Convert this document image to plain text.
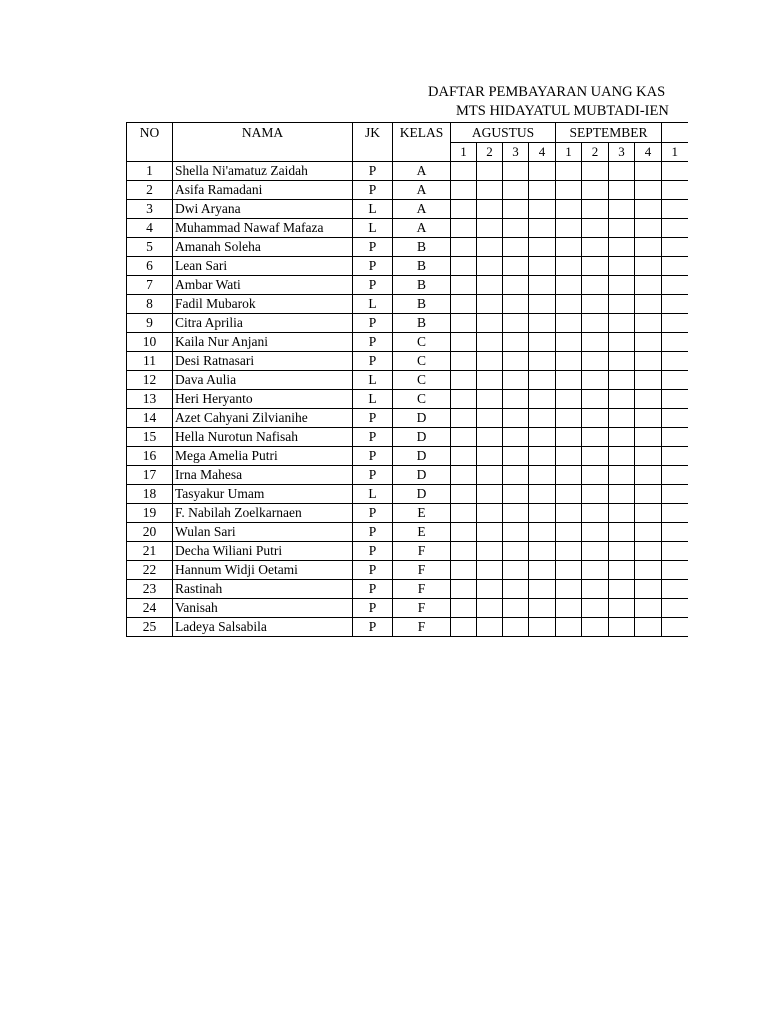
DAFTAR PEMBAYARAN UANG KAS
MTS HIDAYATUL MUBTADI-IEN
NO	NAMA	JK	KELAS	AGUSTUS				SEPTEMBER				
				1	2	3	4	1	2	3	4	1
1	Shella Ni'amatuz Zaidah	P	A									
2	Asifa Ramadani	P	A									
3	Dwi Aryana	L	A									
4	Muhammad Nawaf Mafaza	L	A									
5	Amanah Soleha	P	B									
6	Lean Sari	P	B									
7	Ambar Wati	P	B									
8	Fadil Mubarok	L	B									
9	Citra Aprilia	P	B									
10	Kaila Nur Anjani	P	C									
11	Desi Ratnasari	P	C									
12	Dava Aulia	L	C									
13	Heri Heryanto	L	C									
14	Azet Cahyani Zilvianihe	P	D									
15	Hella Nurotun Nafisah	P	D									
16	Mega Amelia Putri	P	D									
17	Irna Mahesa	P	D									
18	Tasyakur Umam	L	D									
19	F. Nabilah Zoelkarnaen	P	E									
20	Wulan Sari	P	E									
21	Decha Wiliani Putri	P	F									
22	Hannum Widji Oetami	P	F									
23	Rastinah	P	F									
24	Vanisah	P	F									
25	Ladeya Salsabila	P	F									
